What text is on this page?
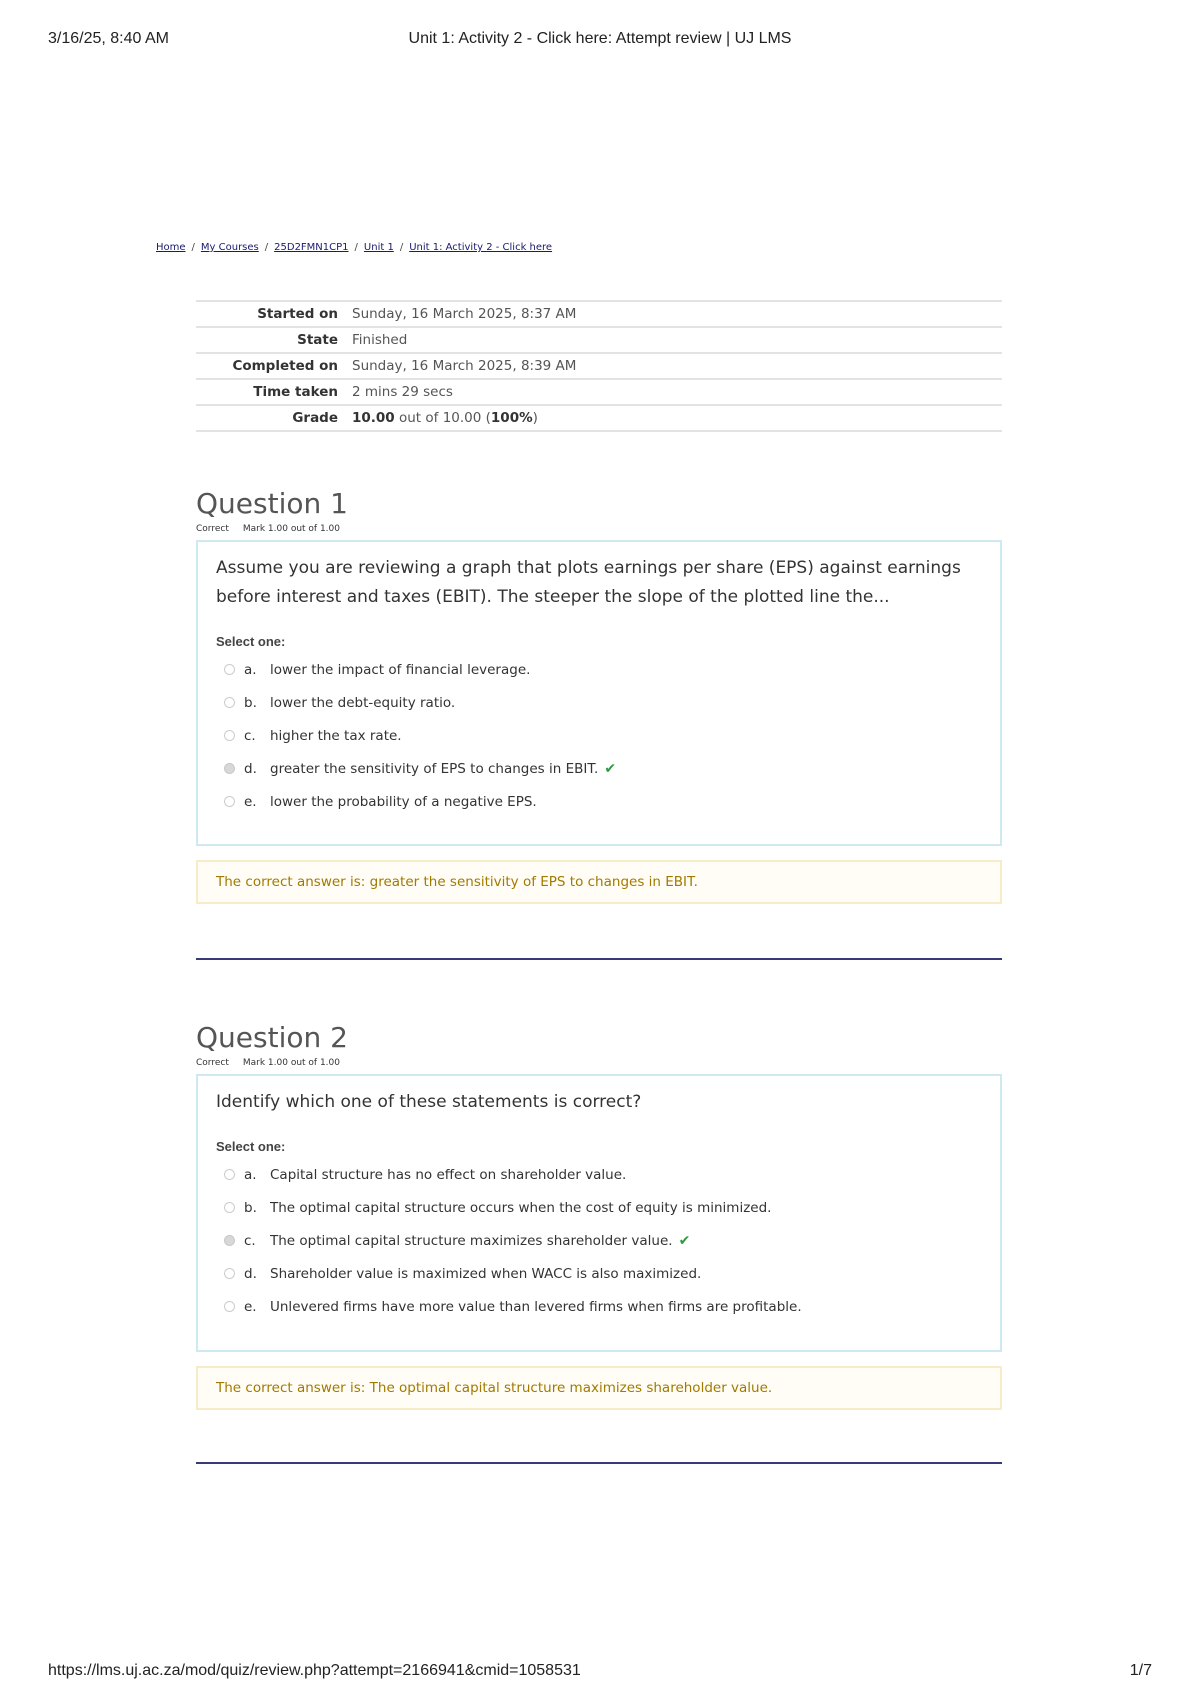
Unit 1: Activity 2 - Click here: Attempt review | UJ LMS
3/16/25, 8:40 AM
Home / My Courses / 25D2FMN1CP1 / Unit 1 / Unit 1: Activity 2 - Click here
Started on	Sunday, 16 March 2025, 8:37 AM
State	Finished
Completed on	Sunday, 16 March 2025, 8:39 AM
Time taken	2 mins 29 secs
Grade	10.00 out of 10.00 (100%)
Question 1
Correct Mark 1.00 out of 1.00
Assume you are reviewing a graph that plots earnings per share (EPS) against earnings before interest and taxes (EBIT). The steeper the slope of the plotted line the...
Select one:
a. lower the impact of financial leverage.
b. lower the debt-equity ratio.
c.	higher the tax rate.
d. greater the sensitivity of EPS to changes in EBIT. ✔
e. lower the probability of a negative EPS.
The correct answer is: greater the sensitivity of EPS to changes in EBIT.
Question 2
Correct Mark 1.00 out of 1.00
Identify which one of these statements is correct?
Select one:
a. Capital structure has no effect on shareholder value.
b. The optimal capital structure occurs when the cost of equity is minimized.
c.	The optimal capital structure maximizes shareholder value. ✔
d. Shareholder value is maximized when WACC is also maximized.
e. Unlevered firms have more value than levered firms when firms are profitable.
The correct answer is: The optimal capital structure maximizes shareholder value.
https://lms.uj.ac.za/mod/quiz/review.php?attempt=2166941&cmid=1058531	1/7
